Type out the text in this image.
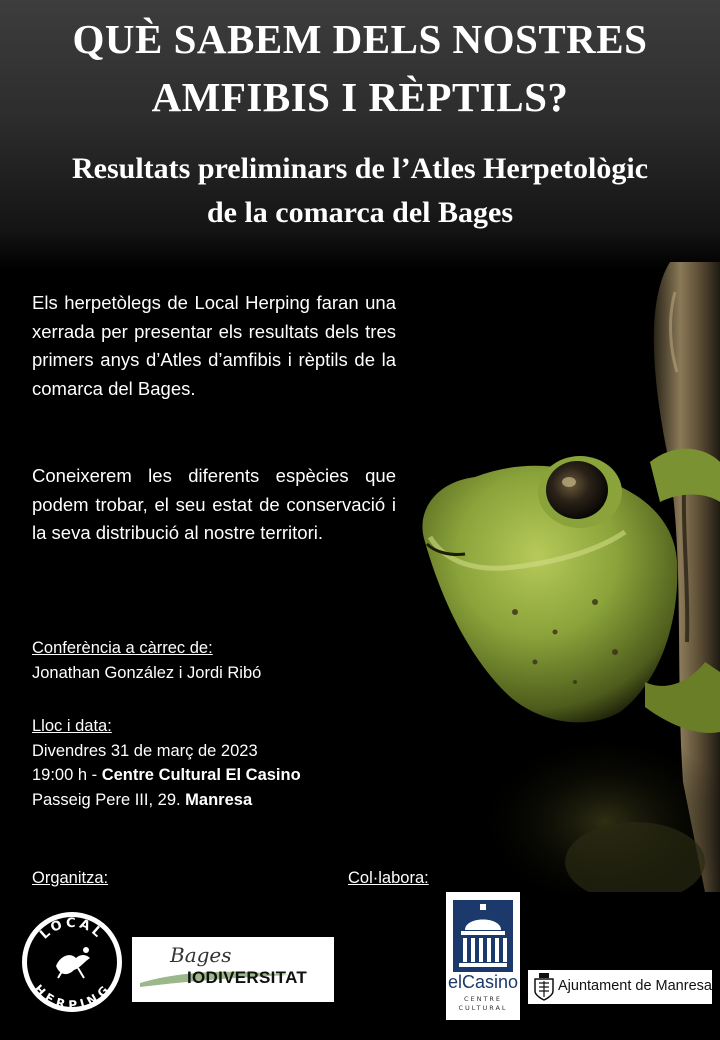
QUÈ SABEM DELS NOSTRES
AMFIBIS I RÈPTILS?
Resultats preliminars de l’Atles Herpetològic
de la comarca del Bages

Els herpetòlegs de Local Herping faran una xerrada per presentar els resultats dels tres primers anys d’Atles d’amfibis i rèptils de la comarca del Bages.

Coneixerem les diferents espècies que podem trobar, el seu estat de conservació i la seva distribució al nostre territori.

Conferència a càrrec de:
Jonathan González i Jordi Ribó
Lloc i data:
Divendres 31 de març de 2023
19:00 h - Centre Cultural El Casino
Passeig Pere III, 29. Manresa
Organitza:	Col·labora:
LOCAL
HERPING
Bages
IODIVERSITAT	elCasino
CENTRE
CULTURAL
Ajuntament de Manresa
